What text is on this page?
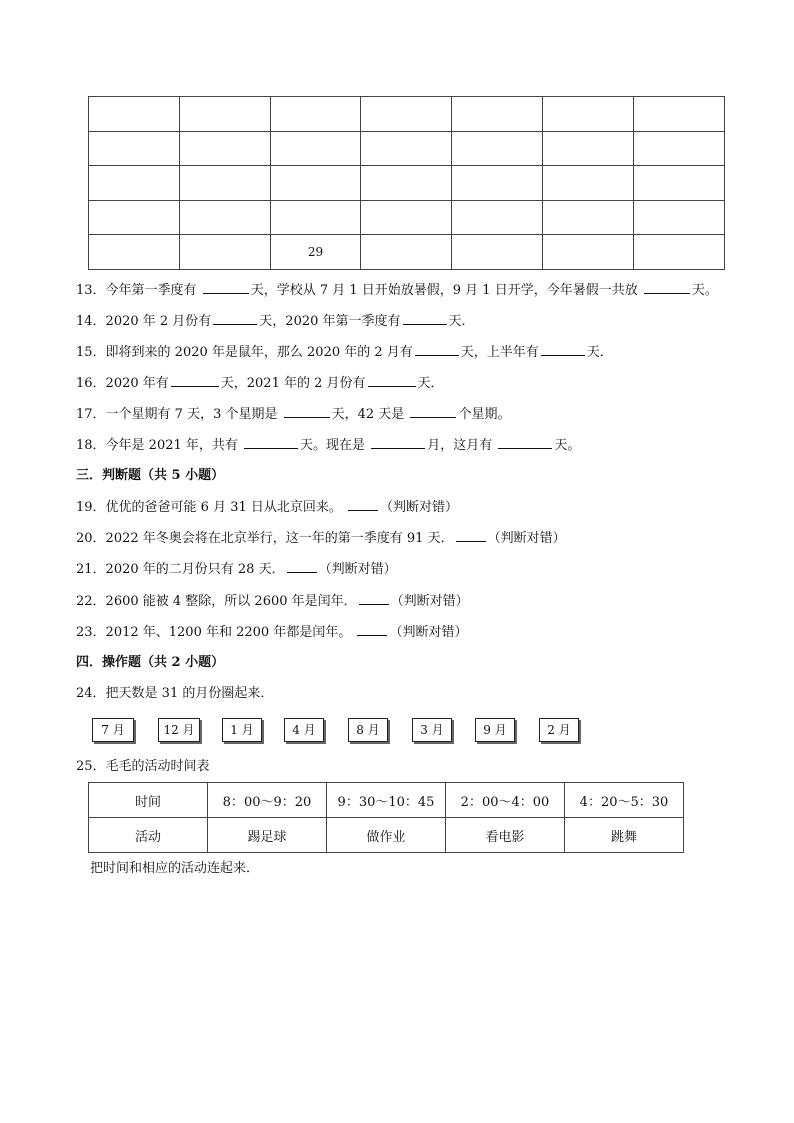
		29				
13．今年第一季度有	天，学校从 7 月 1 日开始放暑假，9 月 1 日开学，今年暑假一共放	天。
14．2020 年 2 月份有	天，2020 年第一季度有	天．
15．即将到来的 2020 年是鼠年，那么 2020 年的 2 月有	天，上半年有	天．
16．2020 年有	天，2021 年的 2 月份有	天．
17．一个星期有 7 天，3 个星期是	天，42 天是	个星期。
18．今年是 2021 年，共有	天。现在是	月，这月有	天。
三．判断题（共 5 小题）
19．优优的爸爸可能 6 月 31 日从北京回来。	（判断对错）
20．2022 年冬奥会将在北京举行，这一年的第一季度有 91 天．	（判断对错）
21．2020 年的二月份只有 28 天．	（判断对错）
22．2600 能被 4 整除，所以 2600 年是闰年．	（判断对错）
23．2012 年、1200 年和 2200 年都是闰年。	（判断对错）
四．操作题（共 2 小题）
24．把天数是 31 的月份圈起来．
7 月	12 月	1 月	4 月	8 月	3 月	9 月	2 月
25．毛毛的活动时间表
时间	8：00～9：20	9：30～10：45	2：00～4：00	4：20～5：30
活动	踢足球	做作业	看电影	跳舞
把时间和相应的活动连起来．
